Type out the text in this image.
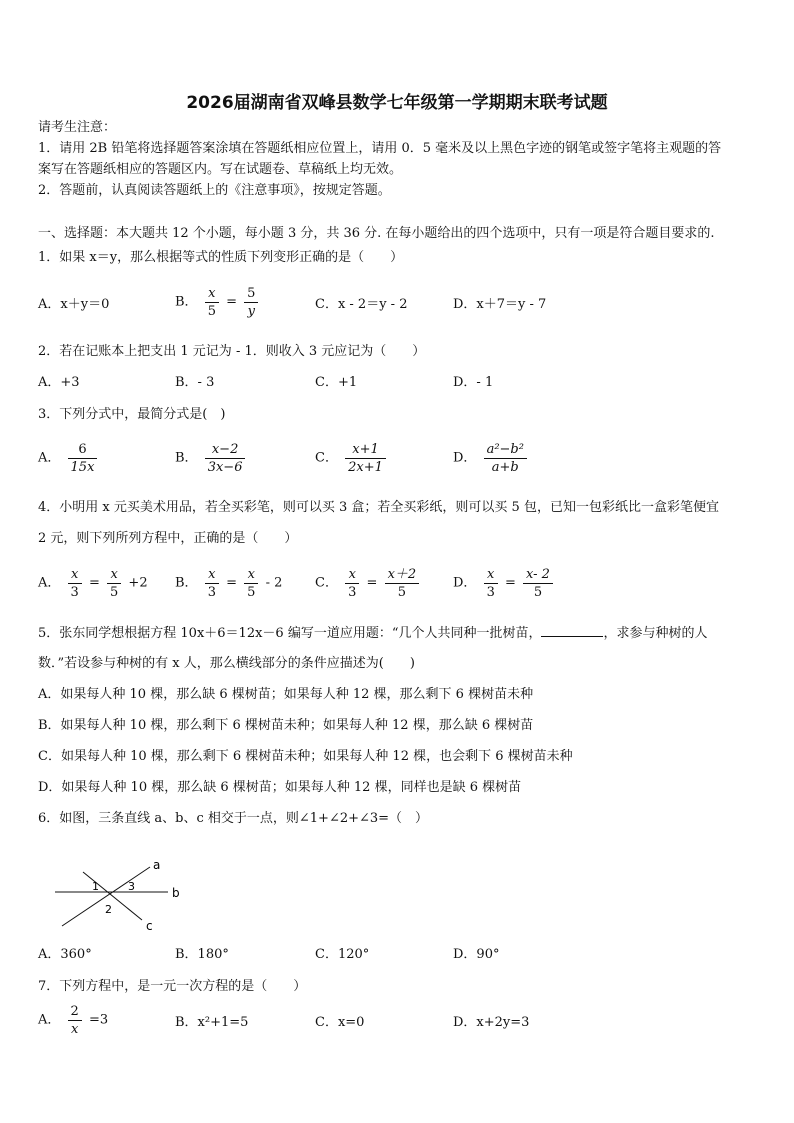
2026届湖南省双峰县数学七年级第一学期期末联考试题
请考生注意：
1．请用 2B 铅笔将选择题答案涂填在答题纸相应位置上，请用 0．5 毫米及以上黑色字迹的钢笔或签字笔将主观题的答
案写在答题纸相应的答题区内。写在试题卷、草稿纸上均无效。
2．答题前，认真阅读答题纸上的《注意事项》，按规定答题。
一、选择题：本大题共 12 个小题，每小题 3 分，共 36 分. 在每小题给出的四个选项中，只有一项是符合题目要求的.
1．如果 x＝y，那么根据等式的性质下列变形正确的是（　　）
A．x＋y＝0	B． $\frac{x}{5} = \frac{5}{y}$	C．x - 2＝y - 2	D．x＋7＝y - 7
2．若在记账本上把支出 1 元记为 - 1．则收入 3 元应记为（　　）
A．+3	B．- 3	C．+1	D．- 1
3．下列分式中，最简分式是(　)
A． $\frac{6}{15x}$	B． $\frac{x-2}{3x-6}$	C． $\frac{x+1}{2x+1}$	D． $\frac{\text{a²−b²}}{a+b}$
4．小明用 x 元买美术用品，若全买彩笔，则可以买 3 盒；若全买彩纸，则可以买 5 包，已知一包彩纸比一盒彩笔便宜
2 元，则下列所列方程中，正确的是（　　）
A． $\frac{x}{3} = \frac{x}{5} +2$ B． $\frac{x}{3} = \frac{x}{5} - 2$	C． $\frac{x}{3} = \frac{x+2}{5}$	D． $\frac{x}{3} = \frac{x- 2}{5}$
5．张东同学想根据方程 10x＋6＝12x－6 编写一道应用题：“几个人共同种一批树苗，	，求参与种树的人
数．”若设参与种树的有 x 人，那么横线部分的条件应描述为(　　)
A．如果每人种 10 棵，那么缺 6 棵树苗；如果每人种 12 棵，那么剩下 6 棵树苗未种
B．如果每人种 10 棵，那么剩下 6 棵树苗未种；如果每人种 12 棵，那么缺 6 棵树苗
C．如果每人种 10 棵，那么剩下 6 棵树苗未种；如果每人种 12 棵，也会剩下 6 棵树苗未种
D．如果每人种 10 棵，那么缺 6 棵树苗；如果每人种 12 棵，同样也是缺 6 棵树苗
6．如图，三条直线 a、b、c 相交于一点，则∠1+∠2+∠3=（　）
a
b
c
1
2
3
A．360°	B．180°	C．120°	D．90°
7．下列方程中，是一元一次方程的是（　　）
A． $\frac{2}{x} =3$	B．x²+1=5	C．x=0	D．x+2y=3
